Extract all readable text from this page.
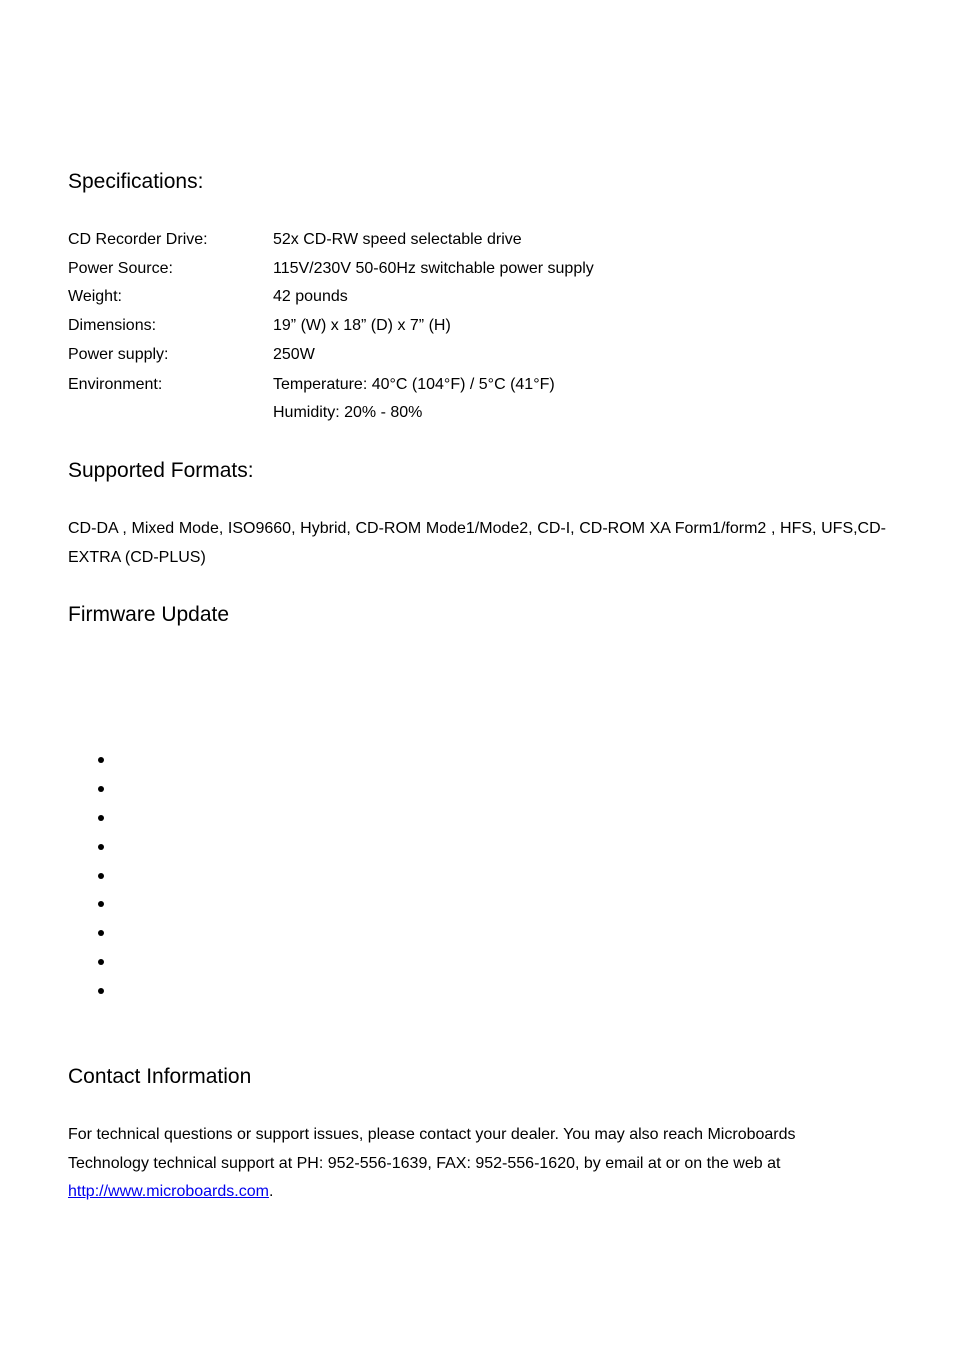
Specifications:
CD Recorder Drive:	52x CD-RW speed selectable drive
Power Source:	115V/230V 50-60Hz switchable power supply
Weight:	42 pounds
Dimensions:	19” (W) x 18” (D) x 7” (H)
Power supply:	250W
Environment:	Temperature: 40°C (104°F) / 5°C (41°F)
Humidity: 20% - 80%
Supported Formats:

CD-DA , Mixed Mode, ISO9660, Hybrid, CD-ROM Mode1/Mode2, CD-I, CD-ROM XA Form1/form2 , HFS, UFS,CD-EXTRA (CD-PLUS)

Firmware Update
Contact Information

For technical questions or support issues, please contact your dealer. You may also reach Microboards
Technology technical support at PH: 952-556-1639, FAX: 952-556-1620, by email at or on the web at
http://www.microboards.com.
